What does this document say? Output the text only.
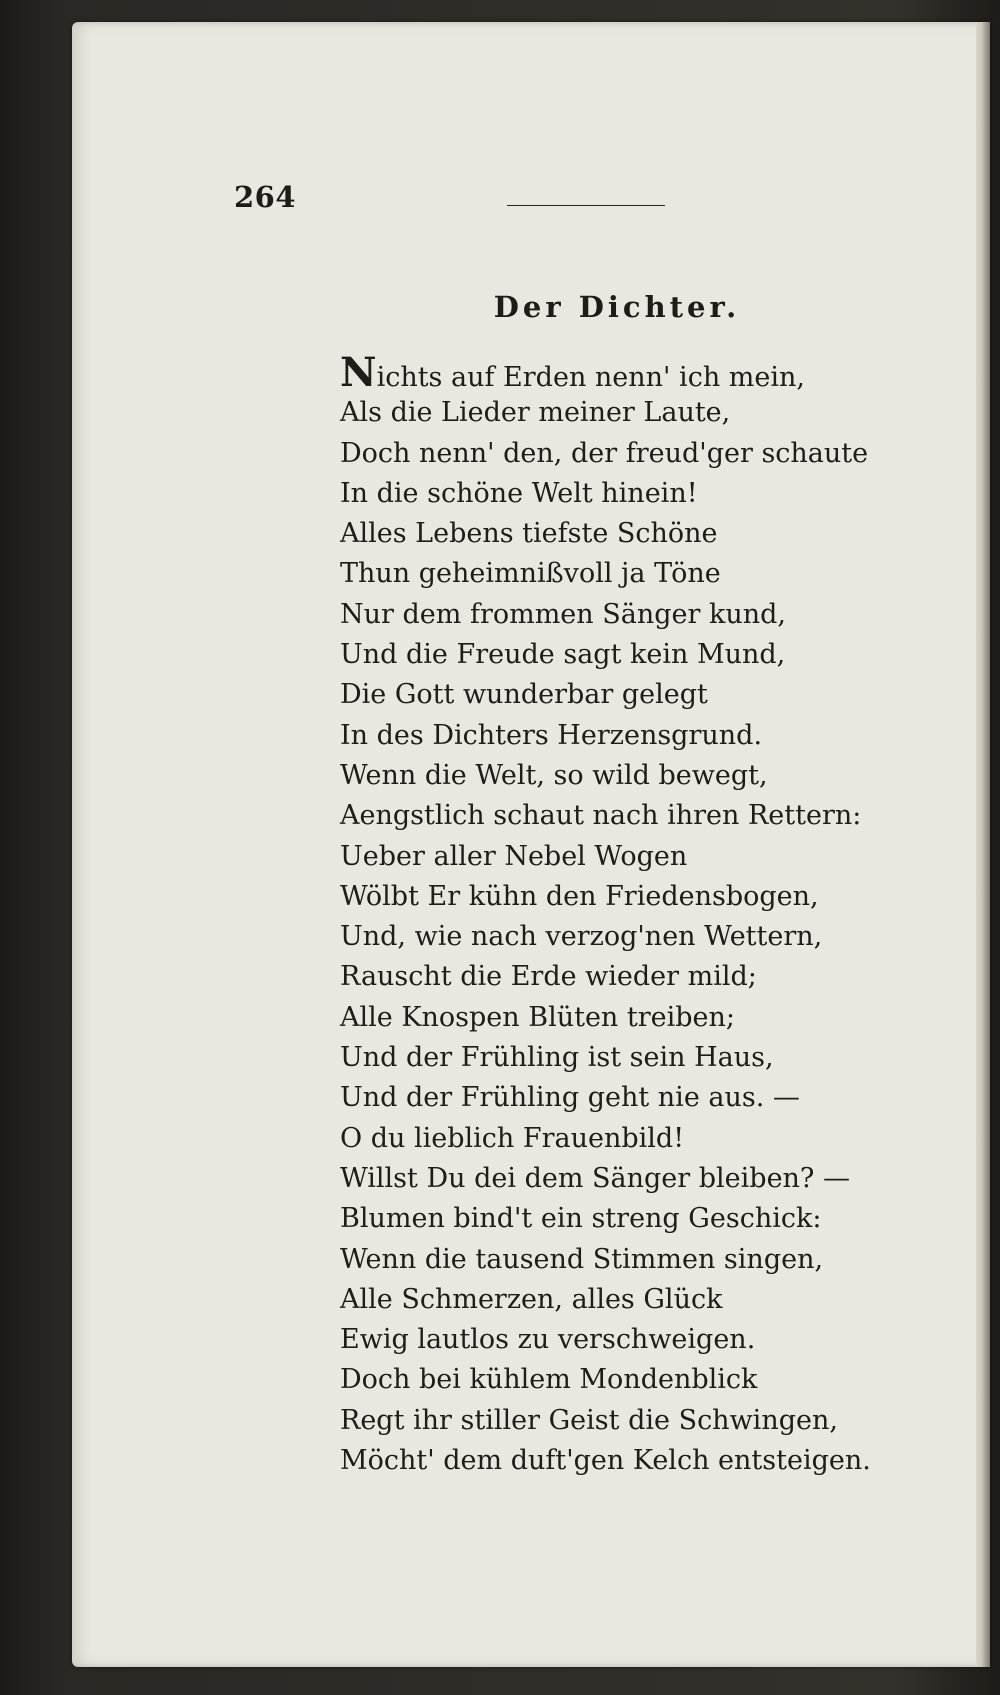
264
Der Dichter.
Nichts auf Erden nenn' ich mein,
Als die Lieder meiner Laute,
Doch nenn' den, der freud'ger schaute
In die schöne Welt hinein!
Alles Lebens tiefste Schöne
Thun geheimnißvoll ja Töne
Nur dem frommen Sänger kund,
Und die Freude sagt kein Mund,
Die Gott wunderbar gelegt
In des Dichters Herzensgrund.
Wenn die Welt, so wild bewegt,
Aengstlich schaut nach ihren Rettern:
Ueber aller Nebel Wogen
Wölbt Er kühn den Friedensbogen,
Und, wie nach verzog'nen Wettern,
Rauscht die Erde wieder mild;
Alle Knospen Blüten treiben;
Und der Frühling ist sein Haus,
Und der Frühling geht nie aus. —
O du lieblich Frauenbild!
Willst Du dei dem Sänger bleiben? —
Blumen bind't ein streng Geschick:
Wenn die tausend Stimmen singen,
Alle Schmerzen, alles Glück
Ewig lautlos zu verschweigen.
Doch bei kühlem Mondenblick
Regt ihr stiller Geist die Schwingen,
Möcht' dem duft'gen Kelch entsteigen.
